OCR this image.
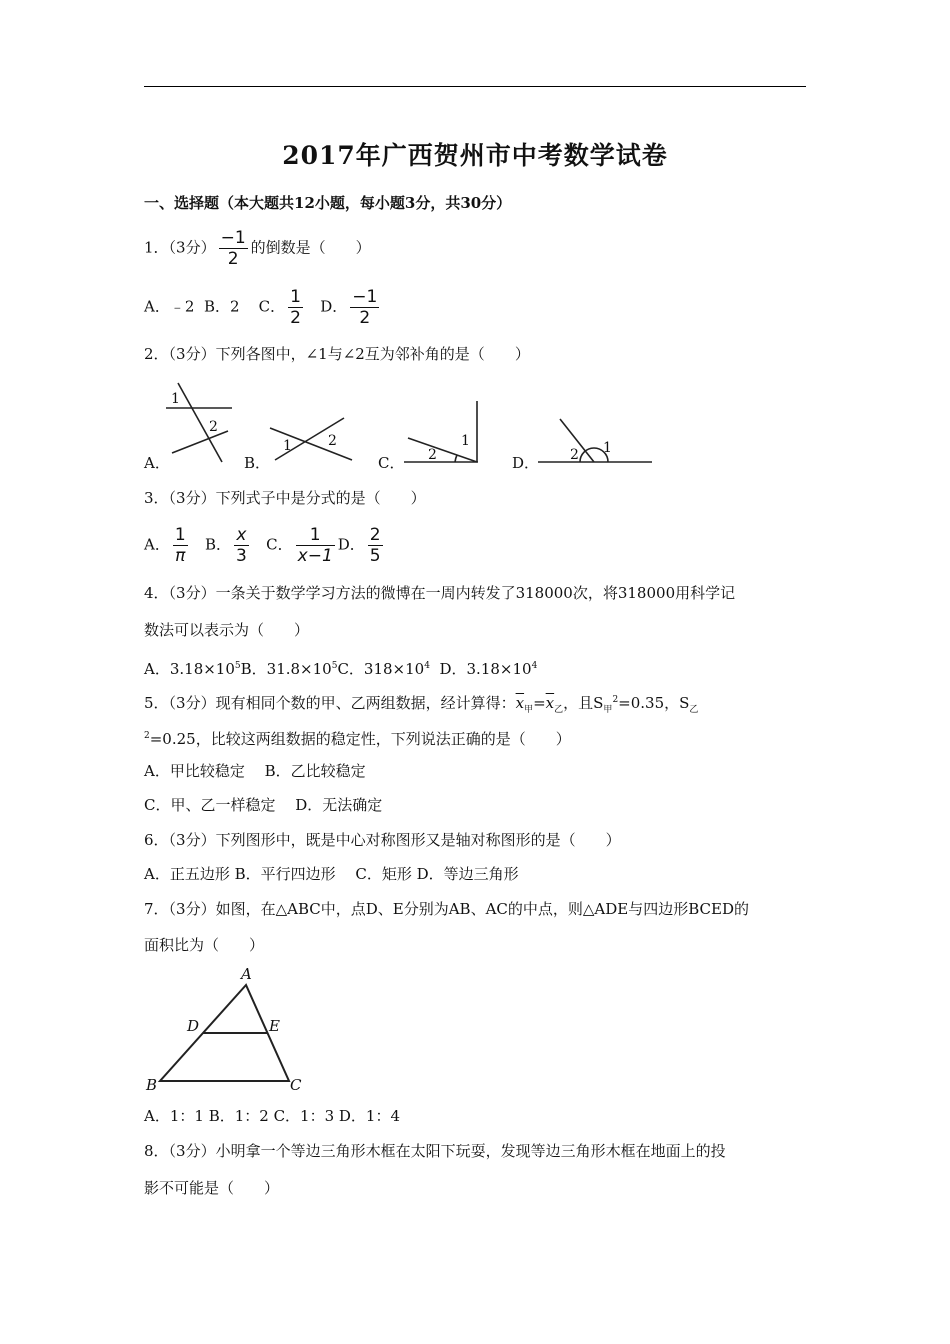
2017年广西贺州市中考数学试卷
一、选择题（本大题共12小题，每小题3分，共30分）
1．（3分） $\frac{-1}{2}$ 的倒数是（　　）
A．﹣2 B．2 C． $\frac{1}{2}$ D． $\frac{-1}{2}$
2．（3分）下列各图中，∠1与∠2互为邻补角的是（　　）
A．	B．	C．	D．
1
2
1	2
2
1
2 1
3．（3分）下列式子中是分式的是（　　）
A． $\frac{1}{\pi}$ B． $\frac{x}{3}$ C． $\frac{1}{x-1}$ D． $\frac{2}{5}$
4．（3分）一条关于数学学习方法的微博在一周内转发了318000次，将318000用科学记
数法可以表示为（　　）
A．$3.18\times 10^5B$．$31.8\times 10^5C$．$318\times 10^4$ D．$3.18\times 10^4$
5．（3分）现有相同个数的甲、乙两组数据，经计算得：$\overline{x}_甲=\overline{x}_乙$，且$S_甲^2=0.35$，$S_乙$
$^2$=0.25，比较这两组数据的稳定性，下列说法正确的是（　　）
A．甲比较稳定　 B．乙比较稳定
C．甲、乙一样稳定　 D．无法确定
6．（3分）下列图形中，既是中心对称图形又是轴对称图形的是（　　）
A．正五边形 B．平行四边形　 C．矩形 D．等边三角形
7．（3分）如图，在△ABC中，点D、E分别为AB、AC的中点，则△ADE与四边形BCED的
面积比为（　　）
A
D	E
B	C
A．1：1 B．1：2 C．1：3 D．1：4
8．（3分）小明拿一个等边三角形木框在太阳下玩耍，发现等边三角形木框在地面上的投
影不可能是（　　）
